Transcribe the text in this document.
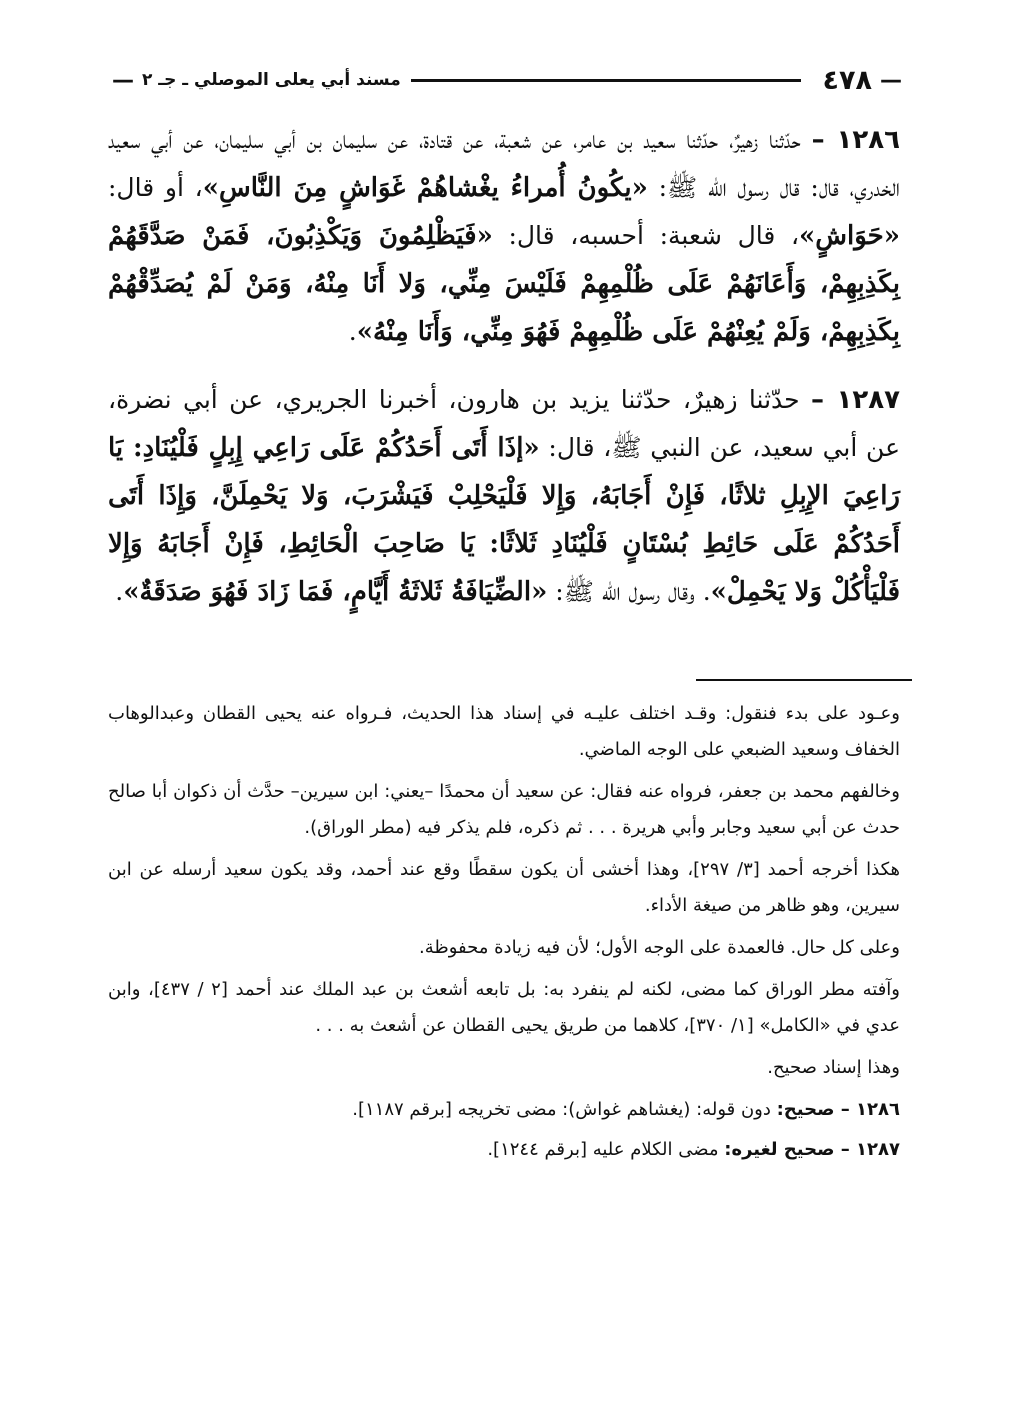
—
٤٧٨
مسند أبي يعلى الموصلي ـ جـ ٢
—

١٢٨٦ – حدّثنا زهيرٌ، حدّثنا سعيد بن عامر، عن شعبة، عن قتادة، عن سليمان بن أبي سليمان، عن أبي سعيد الخدري، قال: قال رسول اللّه ﷺ: «يكُونُ أُمراءُ يغْشاهُمْ غَوَاشٍ مِنَ النَّاسِ»، أو قال: «حَوَاشٍ»، قال شعبة: أحسبه، قال: «فَيَظْلِمُونَ وَيَكْذِبُونَ، فَمَنْ صَدَّقَهُمْ بِكَذِبِهِمْ، وَأَعَانَهُمْ عَلَى ظُلْمِهِمْ فَلَيْسَ مِنِّي، وَلا أَنَا مِنْهُ، وَمَنْ لَمْ يُصَدِّقْهُمْ بِكَذِبِهِمْ، وَلَمْ يُعِنْهُمْ عَلَى ظُلْمِهِمْ فَهُوَ مِنِّي، وَأَنَا مِنْهُ».

١٢٨٧ – حدّثنا زهيرٌ، حدّثنا يزيد بن هارون، أخبرنا الجريري، عن أبي نضرة، عن أبي سعيد، عن النبي ﷺ، قال: «إذَا أَتَى أَحَدُكُمْ عَلَى رَاعِي إِبِلٍ فَلْيُنَادِ: يَا رَاعِيَ الإِبِلِ ثلاثًا، فَإِنْ أَجَابَهُ، وَإِلا فَلْيَحْلِبْ فَيَشْرَبَ، وَلا يَحْمِلَنَّ، وَإِذَا أَتَى أَحَدُكُمْ عَلَى حَائِطِ بُسْتَانٍ فَلْيُنَادِ ثَلاثًا: يَا صَاحِبَ الْحَائِطِ، فَإِنْ أَجَابَهُ وَإِلا فَلْيَأْكُلْ وَلا يَحْمِلْ». وقال رسول اللّه ﷺ: «الضِّيَافَةُ ثَلاثَةُ أَيَّامٍ، فَمَا زَادَ فَهُوَ صَدَقَةٌ».

وعـود على بدء فنقول: وقـد اختلف عليـه في إسناد هذا الحديث، فـرواه عنه يحيى القطان وعبدالوهاب الخفاف وسعيد الضبعي على الوجه الماضي.

وخالفهم محمد بن جعفر، فرواه عنه فقال: عن سعيد أن محمدًا –يعني: ابن سيرين– حدَّث أن ذكوان أبا صالح حدث عن أبي سعيد وجابر وأبي هريرة . . . ثم ذكره، فلم يذكر فيه (مطر الوراق).

هكذا أخرجه أحمد [٣/ ٢٩٧]، وهذا أخشى أن يكون سقطًا وقع عند أحمد، وقد يكون سعيد أرسله عن ابن سيرين، وهو ظاهر من صيغة الأداء.

وعلى كل حال. فالعمدة على الوجه الأول؛ لأن فيه زيادة محفوظة.

وآفته مطر الوراق كما مضى، لكنه لم ينفرد به: بل تابعه أشعث بن عبد الملك عند أحمد [٢ / ٤٣٧]، وابن عدي في «الكامل» [١/ ٣٧٠]، كلاهما من طريق يحيى القطان عن أشعث به . . .

وهذا إسناد صحيح.

١٢٨٦ – صحيح: دون قوله: (يغشاهم غواش): مضى تخريجه [برقم ١١٨٧].

١٢٨٧ – صحيح لغيره: مضى الكلام عليه [برقم ١٢٤٤].
